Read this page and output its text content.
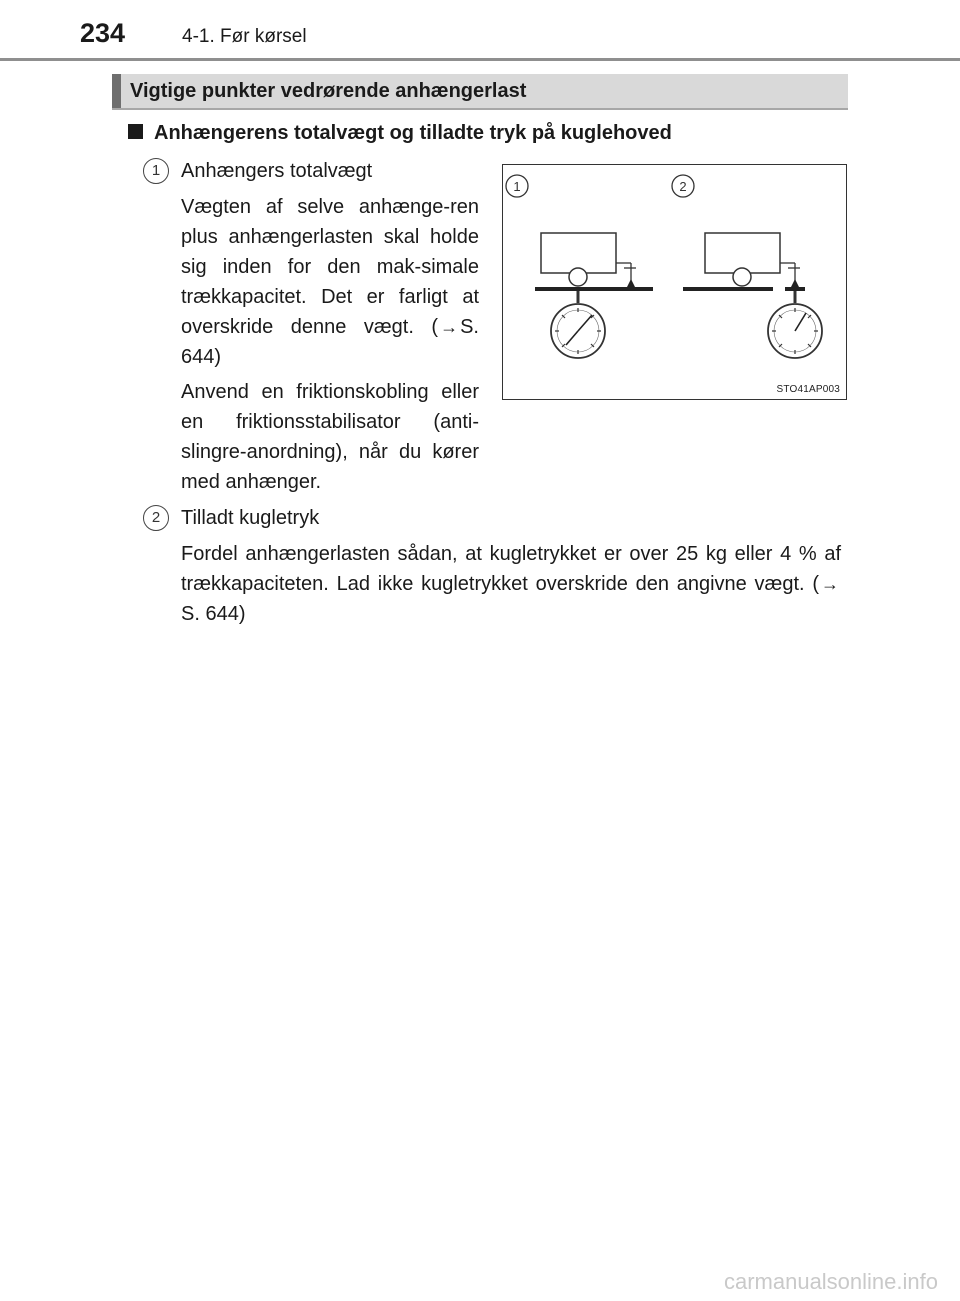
234	4-1. Før kørsel
Vigtige punkter vedrørende anhængerlast
Anhængerens totalvægt og tilladte tryk på kuglehoved
1	Anhængers totalvægt

Vægten af selve anhænge-ren plus anhængerlasten skal holde sig inden for den mak-simale trækkapacitet. Det er farligt at overskride denne vægt. ( → S. 644)

Anvend en friktionskobling eller en friktionsstabilisator (anti-slingre-anordning), når du kører med anhænger.

2	Tilladt kugletryk

Fordel anhængerlasten sådan, at kugletrykket er over 25 kg eller 4 % af trækkapaciteten. Lad ikke kugletrykket overskride den angivne vægt. ( →S. 644)

1	2
STO41AP003
carmanualsonline.info
